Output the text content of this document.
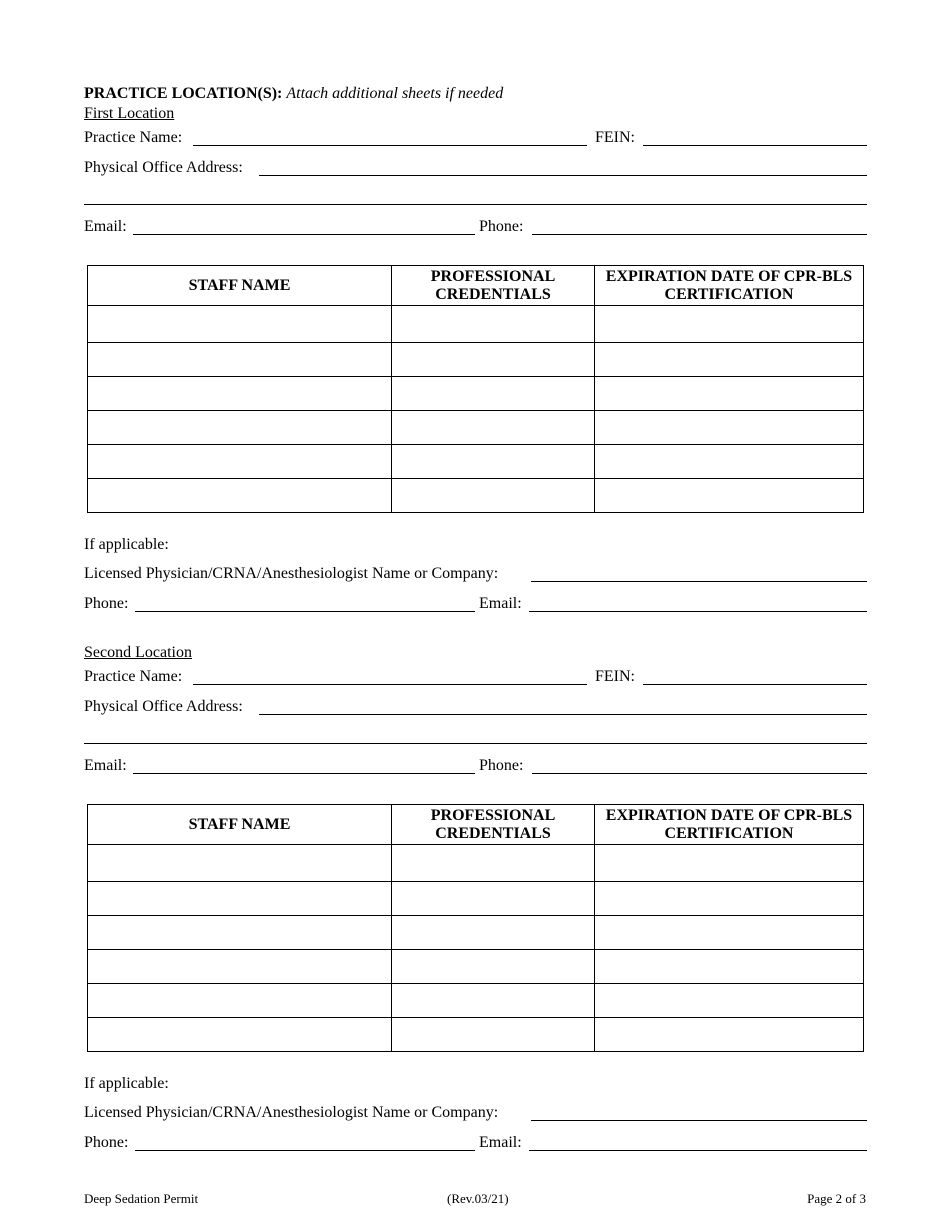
PRACTICE LOCATION(S): Attach additional sheets if needed
First Location
Practice Name:	FEIN:
Physical Office Address:
Email:	Phone:
STAFF NAME	PROFESSIONAL CREDENTIALS	EXPIRATION DATE OF CPR-BLS CERTIFICATION

If applicable:
Licensed Physician/CRNA/Anesthesiologist Name or Company:
Phone:	Email:
Second Location
Practice Name:	FEIN:
Physical Office Address:
Email:	Phone:
STAFF NAME	PROFESSIONAL CREDENTIALS	EXPIRATION DATE OF CPR-BLS CERTIFICATION

If applicable:
Licensed Physician/CRNA/Anesthesiologist Name or Company:
Phone:	Email:
Deep Sedation Permit	(Rev.03/21)	Page 2 of 3
